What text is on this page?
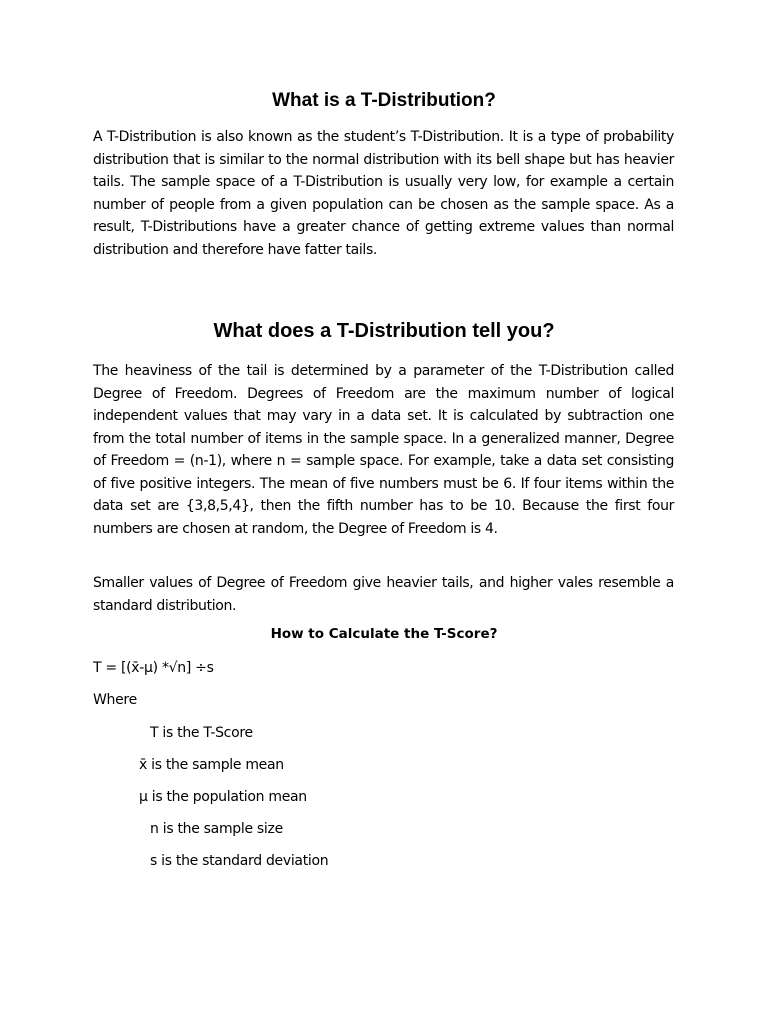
What is a T-Distribution?

A T-Distribution is also known as the student’s T-Distribution. It is a type of probability distribution that is similar to the normal distribution with its bell shape but has heavier tails. The sample space of a T-Distribution is usually very low, for example a certain number of people from a given population can be chosen as the sample space. As a result, T-Distributions have a greater chance of getting extreme values than normal distribution and therefore have fatter tails.

What does a T-Distribution tell you?

The heaviness of the tail is determined by a parameter of the T-Distribution called Degree of Freedom. Degrees of Freedom are the maximum number of logical independent values that may vary in a data set. It is calculated by subtraction one from the total number of items in the sample space. In a generalized manner, Degree of Freedom = (n-1), where n = sample space. For example, take a data set consisting of five positive integers. The mean of five numbers must be 6. If four items within the data set are {3,8,5,4}, then the fifth number has to be 10. Because the first four numbers are chosen at random, the Degree of Freedom is 4.

Smaller values of Degree of Freedom give heavier tails, and higher vales resemble a standard distribution.

How to Calculate the T-Score?

T = [(x̄-μ) *√n] ÷s

Where

T is the T-Score

x̄ is the sample mean

μ is the population mean

n is the sample size

s is the standard deviation
